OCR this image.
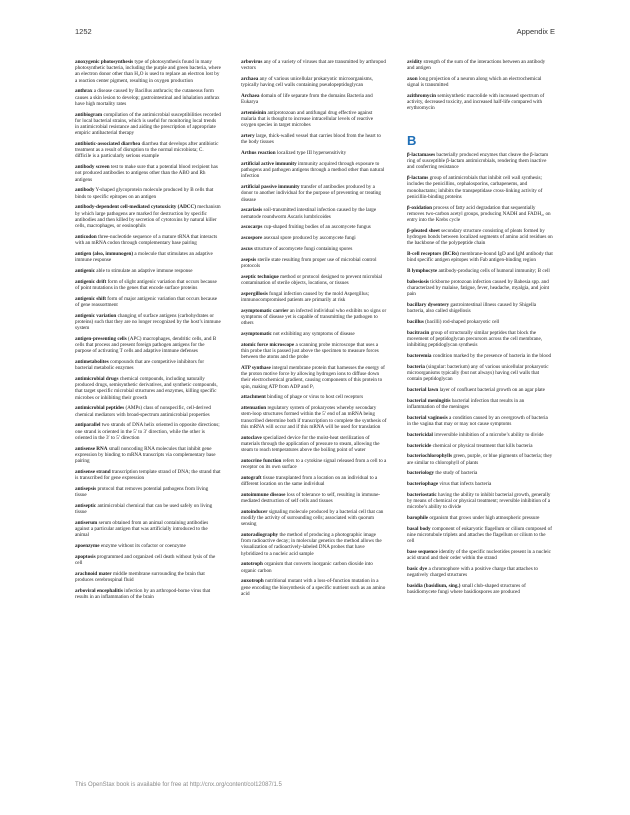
1252	Appendix E
anoxygenic photosynthesis type of photosynthesis found in many photosynthetic bacteria, including the purple and green bacteria, where an electron donor other than H₂O is used to replace an electron lost by a reaction center pigment, resulting in oxygen production
anthrax a disease caused by Bacillus anthracis; the cutaneous form causes a skin lesion to develop; gastrointestinal and inhalation anthrax have high mortality rates
antibiogram compilation of the antimicrobial susceptibilities recorded for local bacterial strains, which is useful for monitoring local trends in antimicrobial resistance and aiding the prescription of appropriate empiric antibacterial therapy
antibiotic-associated diarrhea diarrhea that develops after antibiotic treatment as a result of disruption to the normal microbiota; C. difficile is a particularly serious example
antibody screen test to make sure that a potential blood recipient has not produced antibodies to antigens other than the ABO and Rh antigens
antibody Y-shaped glycoprotein molecule produced by B cells that binds to specific epitopes on an antigen
antibody-dependent cell-mediated cytotoxicity (ADCC) mechanism by which large pathogens are marked for destruction by specific antibodies and then killed by secretion of cytotoxins by natural killer cells, macrophages, or eosinophils
anticodon three-nucleotide sequence of a mature tRNA that interacts with an mRNA codon through complementary base pairing
antigen (also, immunogen) a molecule that stimulates an adaptive immune response
antigenic able to stimulate an adaptive immune response
antigenic drift form of slight antigenic variation that occurs because of point mutations in the genes that encode surface proteins
antigenic shift form of major antigenic variation that occurs because of gene reassortment
antigenic variation changing of surface antigens (carbohydrates or proteins) such that they are no longer recognized by the host’s immune system
antigen-presenting cells (APC) macrophages, dendritic cells, and B cells that process and present foreign pathogen antigens for the purpose of activating T cells and adaptive immune defenses
antimetabolites compounds that are competitive inhibitors for bacterial metabolic enzymes
antimicrobial drugs chemical compounds, including naturally produced drugs, semisynthetic derivatives, and synthetic compounds, that target specific microbial structures and enzymes, killing specific microbes or inhibiting their growth
antimicrobial peptides (AMPs) class of nonspecific, cell-derived chemical mediators with broad-spectrum antimicrobial properties
antiparallel two strands of DNA helix oriented in opposite directions; one strand is oriented in the 5′ to 3′ direction, while the other is oriented in the 3′ to 5′ direction
antisense RNA small noncoding RNA molecules that inhibit gene expression by binding to mRNA transcripts via complementary base pairing
antisense strand transcription template strand of DNA; the strand that is transcribed for gene expression
antisepsis protocol that removes potential pathogens from living tissue
antiseptic antimicrobial chemical that can be used safely on living tissue
antiserum serum obtained from an animal containing antibodies against a particular antigen that was artificially introduced to the animal
apoenzyme enzyme without its cofactor or coenzyme
apoptosis programmed and organized cell death without lysis of the cell
arachnoid mater middle membrane surrounding the brain that produces cerebrospinal fluid
arboviral encephalitis infection by an arthropod-borne virus that results in an inflammation of the brain
arbovirus any of a variety of viruses that are transmitted by arthropod vectors
archaea any of various unicellular prokaryotic microorganisms, typically having cell walls containing pseudopeptidoglycan
Archaea domain of life separate from the domains Bacteria and Eukarya
artemisinin antiprotozoan and antifungal drug effective against malaria that is thought to increase intracellular levels of reactive oxygen species in target microbes
artery large, thick-walled vessel that carries blood from the heart to the body tissues
Arthus reaction localized type III hypersensitivity
artificial active immunity immunity acquired through exposure to pathogens and pathogen antigens through a method other than natural infection
artificial passive immunity transfer of antibodies produced by a donor to another individual for the purpose of preventing or treating disease
ascariasis soil-transmitted intestinal infection caused by the large nematode roundworm Ascaris lumbricoides
ascocarps cup-shaped fruiting bodies of an ascomycete fungus
ascospore asexual spore produced by ascomycete fungi
ascus structure of ascomycete fungi containing spores
asepsis sterile state resulting from proper use of microbial control protocols
aseptic technique method or protocol designed to prevent microbial contamination of sterile objects, locations, or tissues
aspergillosis fungal infection caused by the mold Aspergillus; immunocompromised patients are primarily at risk
asymptomatic carrier an infected individual who exhibits no signs or symptoms of disease yet is capable of transmitting the pathogen to others
asymptomatic not exhibiting any symptoms of disease
atomic force microscope a scanning probe microscope that uses a thin probe that is passed just above the specimen to measure forces between the atoms and the probe
ATP synthase integral membrane protein that harnesses the energy of the proton motive force by allowing hydrogen ions to diffuse down their electrochemical gradient, causing components of this protein to spin, making ATP from ADP and Pᵢ
attachment binding of phage or virus to host cell receptors
attenuation regulatory system of prokaryotes whereby secondary stem-loop structures formed within the 5′ end of an mRNA being transcribed determine both if transcription to complete the synthesis of this mRNA will occur and if this mRNA will be used for translation
autoclave specialized device for the moist-heat sterilization of materials through the application of pressure to steam, allowing the steam to reach temperatures above the boiling point of water
autocrine function refers to a cytokine signal released from a cell to a receptor on its own surface
autograft tissue transplanted from a location on an individual to a different location on the same individual
autoimmune disease loss of tolerance to self, resulting in immune-mediated destruction of self cells and tissues
autoinducer signaling molecule produced by a bacterial cell that can modify the activity of surrounding cells; associated with quorum sensing
autoradiography the method of producing a photographic image from radioactive decay; in molecular genetics the method allows the visualization of radioactively-labeled DNA probes that have hybridized to a nucleic acid sample
autotroph organism that converts inorganic carbon dioxide into organic carbon
auxotroph nutritional mutant with a loss-of-function mutation in a gene encoding the biosynthesis of a specific nutrient such as an amino acid
avidity strength of the sum of the interactions between an antibody and antigen
axon long projection of a neuron along which an electrochemical signal is transmitted
azithromycin semisynthetic macrolide with increased spectrum of activity, decreased toxicity, and increased half-life compared with erythromycin
B
β-lactamases bacterially produced enzymes that cleave the β-lactam ring of susceptible β-lactam antimicrobials, rendering them inactive and conferring resistance
β-lactams group of antimicrobials that inhibit cell wall synthesis; includes the penicillins, cephalosporins, carbapenems, and monobactams; inhibits the transpeptidase cross-linking activity of penicillin-binding proteins
β-oxidation process of fatty acid degradation that sequentially removes two-carbon acetyl groups, producing NADH and FADH₂, on entry into the Krebs cycle
β-pleated sheet secondary structure consisting of pleats formed by hydrogen bonds between localized segments of amino acid residues on the backbone of the polypeptide chain
B-cell receptors (BCRs) membrane-bound IgD and IgM antibody that bind specific antigen epitopes with Fab antigen-binding region
B lymphocyte antibody-producing cells of humoral immunity; B cell
babesiosis tickborne protozoan infection caused by Babesia spp. and characterized by malaise, fatigue, fever, headache, myalgia, and joint pain
bacillary dysentery gastrointestinal illness caused by Shigella bacteria, also called shigellosis
bacillus (bacilli) rod-shaped prokaryotic cell
bacitracin group of structurally similar peptides that block the movement of peptidoglycan precursors across the cell membrane, inhibiting peptidoglycan synthesis
bacteremia condition marked by the presence of bacteria in the blood
bacteria (singular: bacterium) any of various unicellular prokaryotic microorganisms typically (but not always) having cell walls that contain peptidoglycan
bacterial lawn layer of confluent bacterial growth on an agar plate
bacterial meningitis bacterial infection that results in an inflammation of the meninges
bacterial vaginosis a condition caused by an overgrowth of bacteria in the vagina that may or may not cause symptoms
bactericidal irreversible inhibition of a microbe’s ability to divide
bactericide chemical or physical treatment that kills bacteria
bacteriochlorophylls green, purple, or blue pigments of bacteria; they are similar to chlorophyll of plants
bacteriology the study of bacteria
bacteriophage virus that infects bacteria
bacteriostatic having the ability to inhibit bacterial growth, generally by means of chemical or physical treatment; reversible inhibition of a microbe’s ability to divide
barophile organism that grows under high atmospheric pressure
basal body component of eukaryotic flagellum or cilium composed of nine microtubule triplets and attaches the flagellum or cilium to the cell
base sequence identity of the specific nucleotides present in a nucleic acid strand and their order within the strand
basic dye a chromophore with a positive charge that attaches to negatively charged structures
basidia (basidium, sing.) small club-shaped structures of basidiomycete fungi where basidiospores are produced
This OpenStax book is available for free at http://cnx.org/content/col12087/1.5
